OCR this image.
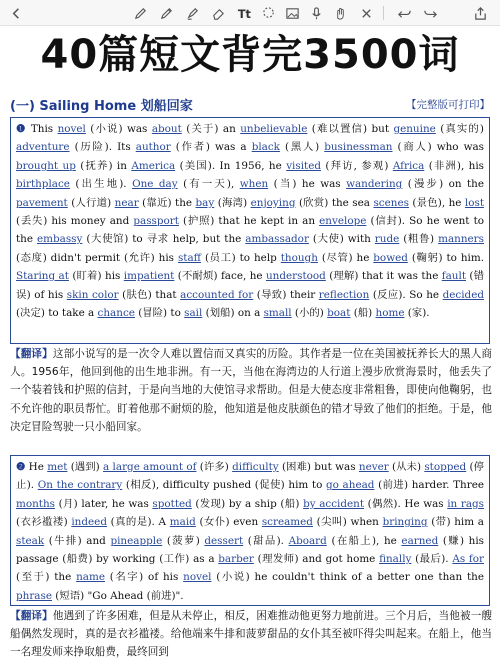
Tt
40篇短文背完3500词
(一) Sailing Home 划船回家	【完整版可打印】
❶ This novel (小说) was about (关于) an unbelievable (难以置信) but genuine (真实的) adventure (历险). Its author (作者) was a black (黑人) businessman (商人) who was brought up (抚养) in America (美国). In 1956, he visited (拜访, 参观) Africa (非洲), his birthplace (出生地). One day (有一天), when (当) he was wandering (漫步) on the pavement (人行道) near (靠近) the bay (海湾) enjoying (欣赏) the sea scenes (景色), he lost (丢失) his money and passport (护照) that he kept in an envelope (信封). So he went to the embassy (大使馆) to 寻求 help, but the ambassador (大使) with rude (粗鲁) manners (态度) didn't permit (允许) his staff (员工) to help though (尽管) he bowed (鞠躬) to him. Staring at (盯着) his impatient (不耐烦) face, he understood (理解) that it was the fault (错误) of his skin color (肤色) that accounted for (导致) their reflection (反应). So he decided (决定) to take a chance (冒险) to sail (划船) on a small (小的) boat (船) home (家).
【翻译】这部小说写的是一次令人难以置信而又真实的历险。其作者是一位在美国被抚养长大的黑人商人。1956年，他回到他的出生地非洲。有一天，当他在海湾边的人行道上漫步欣赏海景时，他丢失了一个装着钱和护照的信封，于是向当地的大使馆寻求帮助。但是大使态度非常粗鲁，即使向他鞠躬，也不允许他的职员帮忙。盯着他那不耐烦的脸，他知道是他皮肤颜色的错才导致了他们的拒绝。于是，他决定冒险驾驶一只小船回家。
❷ He met (遇到) a large amount of (许多) difficulty (困难) but was never (从未) stopped (停止). On the contrary (相反), difficulty pushed (促使) him to go ahead (前进) harder. Three months (月) later, he was spotted (发现) by a ship (船) by accident (偶然). He was in rags (衣衫褴褛) indeed (真的是). A maid (女仆) even screamed (尖叫) when bringing (带) him a steak (牛排) and pineapple (菠萝) dessert (甜品). Aboard (在船上), he earned (赚) his passage (船费) by working (工作) as a barber (理发师) and got home finally (最后). As for (至于) the name (名字) of his novel (小说) he couldn't think of a better one than the phrase (短语) "Go Ahead (前进)".
【翻译】他遇到了许多困难，但是从未停止，相反，困难推动他更努力地前进。三个月后，当他被一艘船偶然发现时，真的是衣衫褴褛。给他端来牛排和菠萝甜品的女仆其至被吓得尖叫起来。在船上，他当一名理发师来挣取船费，最终回到
